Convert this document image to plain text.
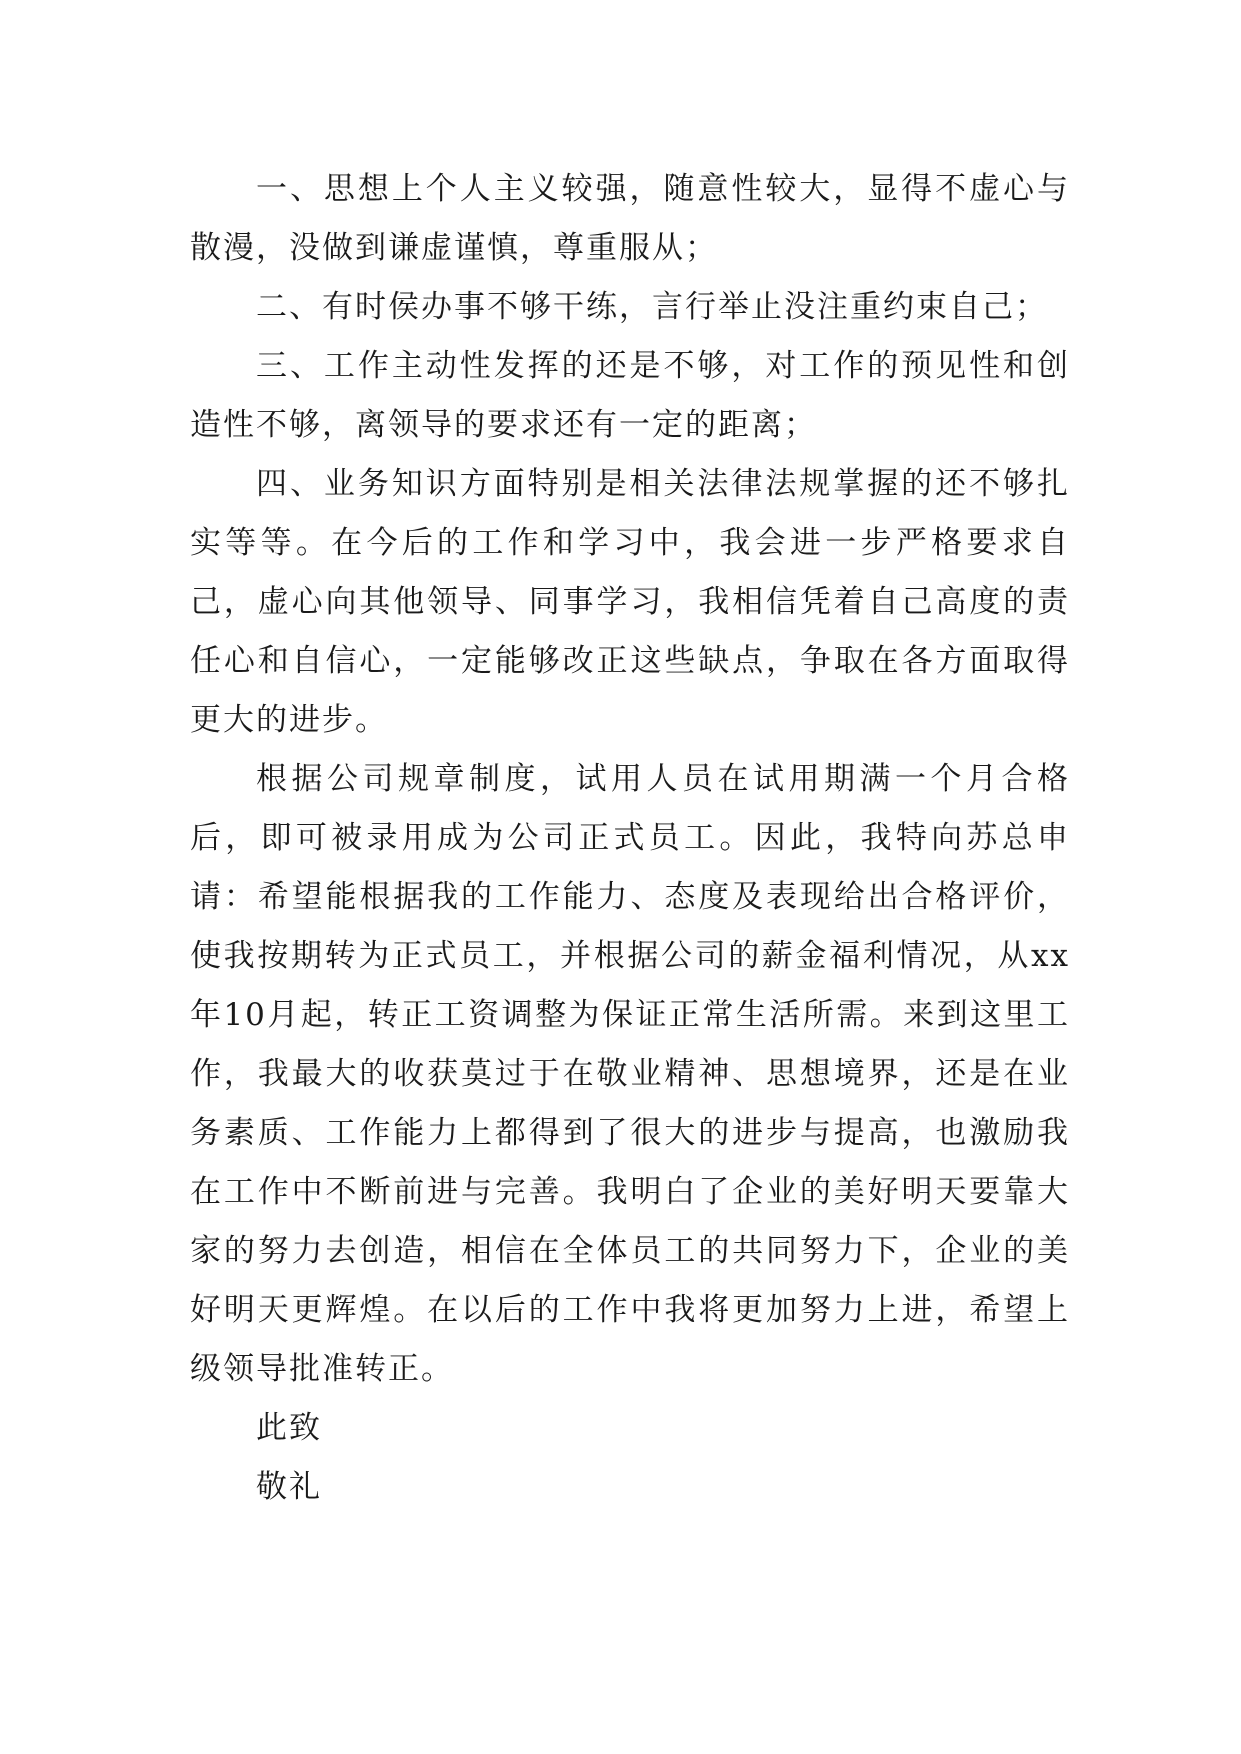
一、思想上个人主义较强，随意性较大，显得不虚心与散漫，没做到谦虚谨慎，尊重服从；

二、有时侯办事不够干练，言行举止没注重约束自己；

三、工作主动性发挥的还是不够，对工作的预见性和创造性不够，离领导的要求还有一定的距离；

四、业务知识方面特别是相关法律法规掌握的还不够扎实等等。在今后的工作和学习中，我会进一步严格要求自己，虚心向其他领导、同事学习，我相信凭着自己高度的责任心和自信心，一定能够改正这些缺点，争取在各方面取得更大的进步。

根据公司规章制度，试用人员在试用期满一个月合格后，即可被录用成为公司正式员工。因此，我特向苏总申请：希望能根据我的工作能力、态度及表现给出合格评价，使我按期转为正式员工，并根据公司的薪金福利情况，从xx年10月起，转正工资调整为保证正常生活所需。来到这里工作，我最大的收获莫过于在敬业精神、思想境界，还是在业务素质、工作能力上都得到了很大的进步与提高，也激励我在工作中不断前进与完善。我明白了企业的美好明天要靠大家的努力去创造，相信在全体员工的共同努力下，企业的美好明天更辉煌。在以后的工作中我将更加努力上进，希望上级领导批准转正。

此致

敬礼
